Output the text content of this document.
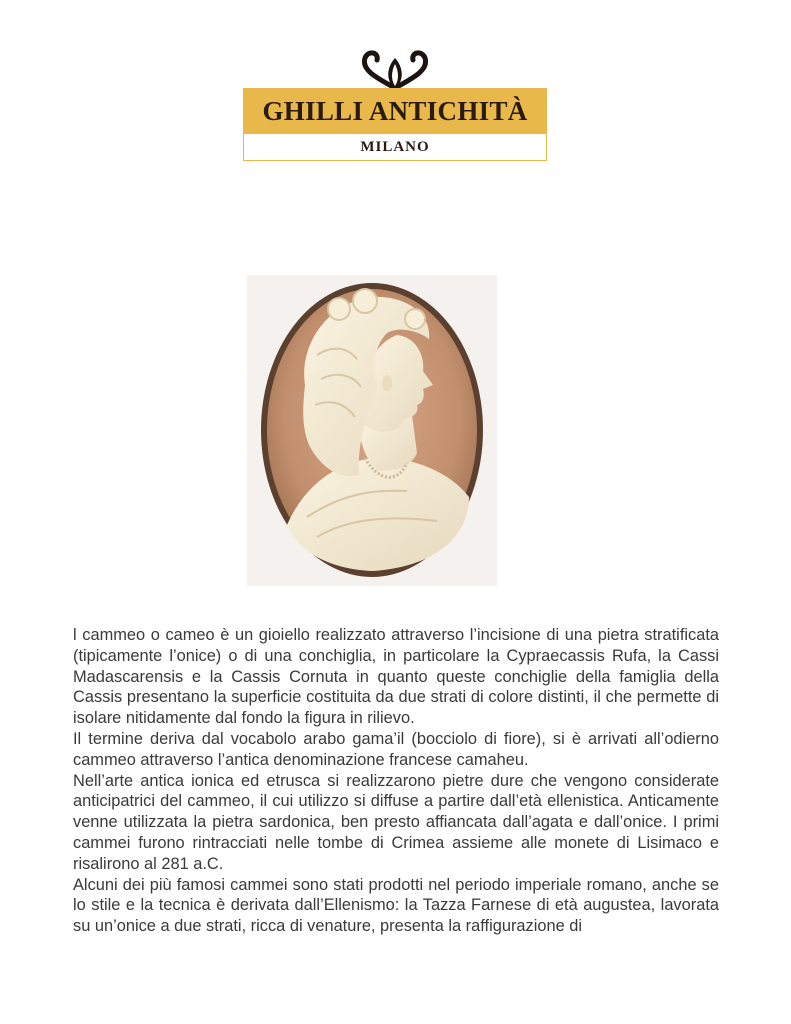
GHILLI ANTICHITÀ
MILANO

l cammeo o cameo è un gioiello realizzato attraverso l’incisione di una pietra stratificata (tipicamente l’onice) o di una conchiglia, in particolare la Cypraecassis Rufa, la Cassi Madascarensis e la Cassis Cornuta in quanto queste conchiglie della famiglia della Cassis presentano la superficie costituita da due strati di colore distinti, il che permette di isolare nitidamente dal fondo la figura in rilievo.

Il termine deriva dal vocabolo arabo gama’il (bocciolo di fiore), si è arrivati all’odierno cammeo attraverso l’antica denominazione francese camaheu.

Nell’arte antica ionica ed etrusca si realizzarono pietre dure che vengono considerate anticipatrici del cammeo, il cui utilizzo si diffuse a partire dall’età ellenistica. Anticamente venne utilizzata la pietra sardonica, ben presto affiancata dall’agata e dall’onice. I primi cammei furono rintracciati nelle tombe di Crimea assieme alle monete di Lisimaco e risalirono al 281 a.C.

Alcuni dei più famosi cammei sono stati prodotti nel periodo imperiale romano, anche se lo stile e la tecnica è derivata dall’Ellenismo: la Tazza Farnese di età augustea, lavorata su un’onice a due strati, ricca di venature, presenta la raffigurazione di
